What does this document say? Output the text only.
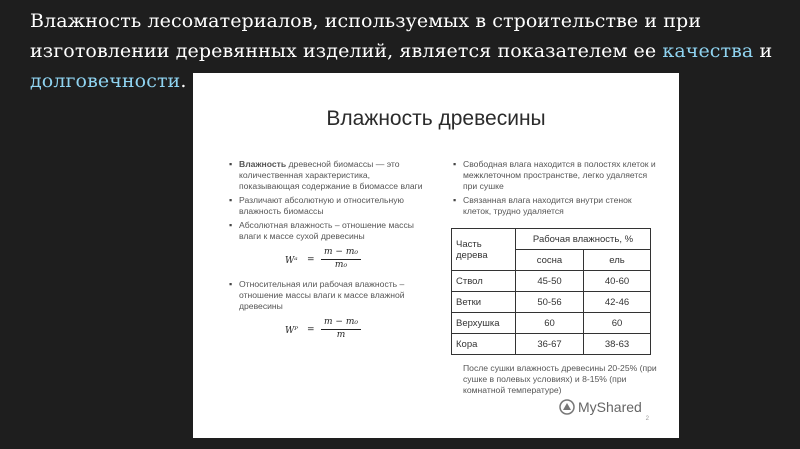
Влажность лесоматериалов, используемых в строительстве и при изготовлении деревянных изделий, является показателем ее качества и долговечности.
Влажность древесины
▪ Влажность древесной биомассы — это количественная характеристика, показывающая содержание в биомассе влаги
▪ Различают абсолютную и относительную влажность биомассы
▪ Абсолютная влажность – отношение массы влаги к массе сухой древесины
Wᵃ = $\frac{\text{m − m₀}}{\text{m₀}}$
▪ Относительная или рабочая влажность – отношение массы влаги к массе влажной древесины
Wᴾ = $\frac{\text{m − m₀}}{m}$
▪ Свободная влага находится в полостях клеток и межклеточном пространстве, легко удаляется при сушке
▪ Связанная влага находится внутри стенок клеток, трудно удаляется
Часть дерева	Рабочая влажность, %	
	сосна	ель
Ствол	45-50	40-60
Ветки	50-56	42-46
Верхушка	60	60
Кора	36-67	38-63
После сушки влажность древесины 20-25% (при сушке в полевых условиях) и 8-15% (при комнатной температуре)
MyShared
2
